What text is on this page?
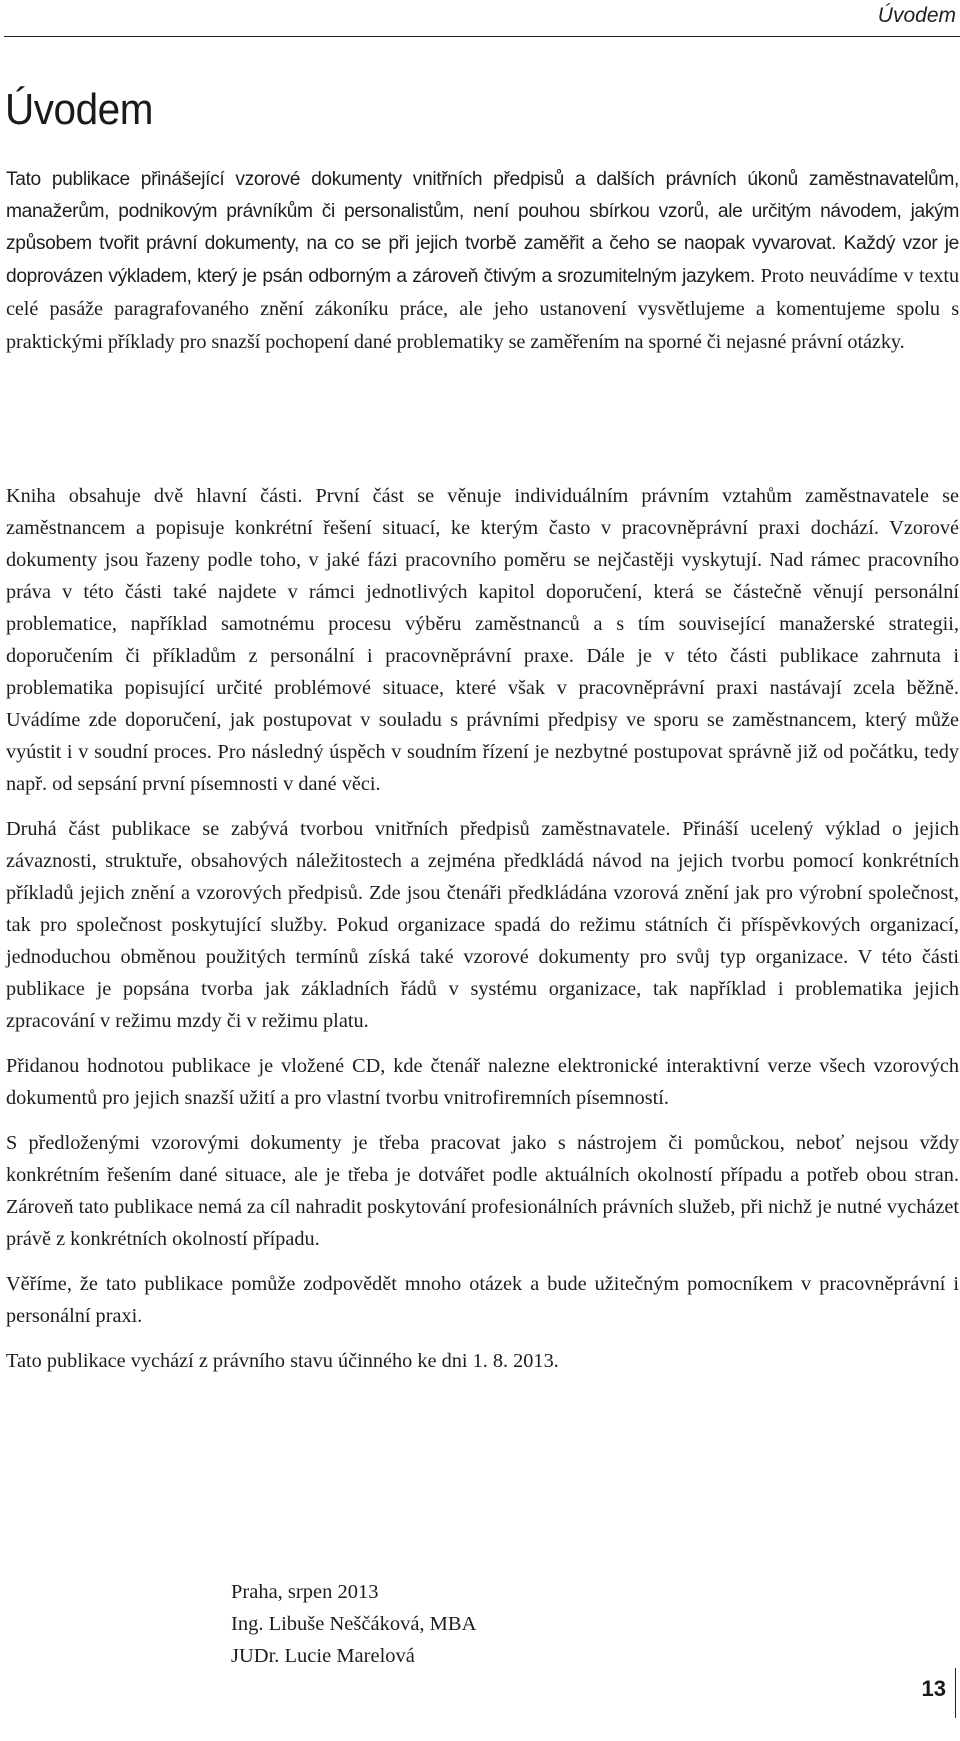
Úvodem
Úvodem

Tato publikace přinášející vzorové dokumenty vnitřních předpisů a dalších právních úkonů zaměstnavatelům, manažerům, podnikovým právníkům či personalistům, není pouhou sbírkou vzorů, ale určitým návodem, jakým způsobem tvořit právní dokumenty, na co se při jejich tvorbě zaměřit a čeho se naopak vyvarovat. Každý vzor je doprovázen výkladem, který je psán odborným a zároveň čtivým a srozumitelným jazykem. Proto neuvádíme v textu celé pasáže paragrafovaného znění zákoníku práce, ale jeho ustanovení vysvětlujeme a komentujeme spolu s praktickými příklady pro snazší pochopení dané problematiky se zaměřením na sporné či nejasné právní otázky.

Kniha obsahuje dvě hlavní části. První část se věnuje individuálním právním vztahům zaměstnavatele se zaměstnancem a popisuje konkrétní řešení situací, ke kterým často v pracovněprávní praxi dochází. Vzorové dokumenty jsou řazeny podle toho, v jaké fázi pracovního poměru se nejčastěji vyskytují. Nad rámec pracovního práva v této části také najdete v rámci jednotlivých kapitol doporučení, která se částečně věnují personální problematice, například samotnému procesu výběru zaměstnanců a s tím související manažerské strategii, doporučením či příkladům z personální i pracovněprávní praxe. Dále je v této části publikace zahrnuta i problematika popisující určité problémové situace, které však v pracovněprávní praxi nastávají zcela běžně. Uvádíme zde doporučení, jak postupovat v souladu s právními předpisy ve sporu se zaměstnancem, který může vyústit i v soudní proces. Pro následný úspěch v soudním řízení je nezbytné postupovat správně již od počátku, tedy např. od sepsání první písemnosti v dané věci.

Druhá část publikace se zabývá tvorbou vnitřních předpisů zaměstnavatele. Přináší ucelený výklad o jejich závaznosti, struktuře, obsahových náležitostech a zejména předkládá návod na jejich tvorbu pomocí konkrétních příkladů jejich znění a vzorových předpisů. Zde jsou čtenáři předkládána vzorová znění jak pro výrobní společnost, tak pro společnost poskytující služby. Pokud organizace spadá do režimu státních či příspěvkových organizací, jednoduchou obměnou použitých termínů získá také vzorové dokumenty pro svůj typ organizace. V této části publikace je popsána tvorba jak základních řádů v systému organizace, tak například i problematika jejich zpracování v režimu mzdy či v režimu platu.

Přidanou hodnotou publikace je vložené CD, kde čtenář nalezne elektronické interaktivní verze všech vzorových dokumentů pro jejich snazší užití a pro vlastní tvorbu vnitrofiremních písemností.

S předloženými vzorovými dokumenty je třeba pracovat jako s nástrojem či pomůckou, neboť nejsou vždy konkrétním řešením dané situace, ale je třeba je dotvářet podle aktuálních okolností případu a potřeb obou stran. Zároveň tato publikace nemá za cíl nahradit poskytování profesionálních právních služeb, při nichž je nutné vycházet právě z konkrétních okolností případu.

Věříme, že tato publikace pomůže zodpovědět mnoho otázek a bude užitečným pomocníkem v pracovněprávní i personální praxi.

Tato publikace vychází z právního stavu účinného ke dni 1. 8. 2013.

Praha, srpen 2013
Ing. Libuše Neščáková, MBA
JUDr. Lucie Marelová
13
